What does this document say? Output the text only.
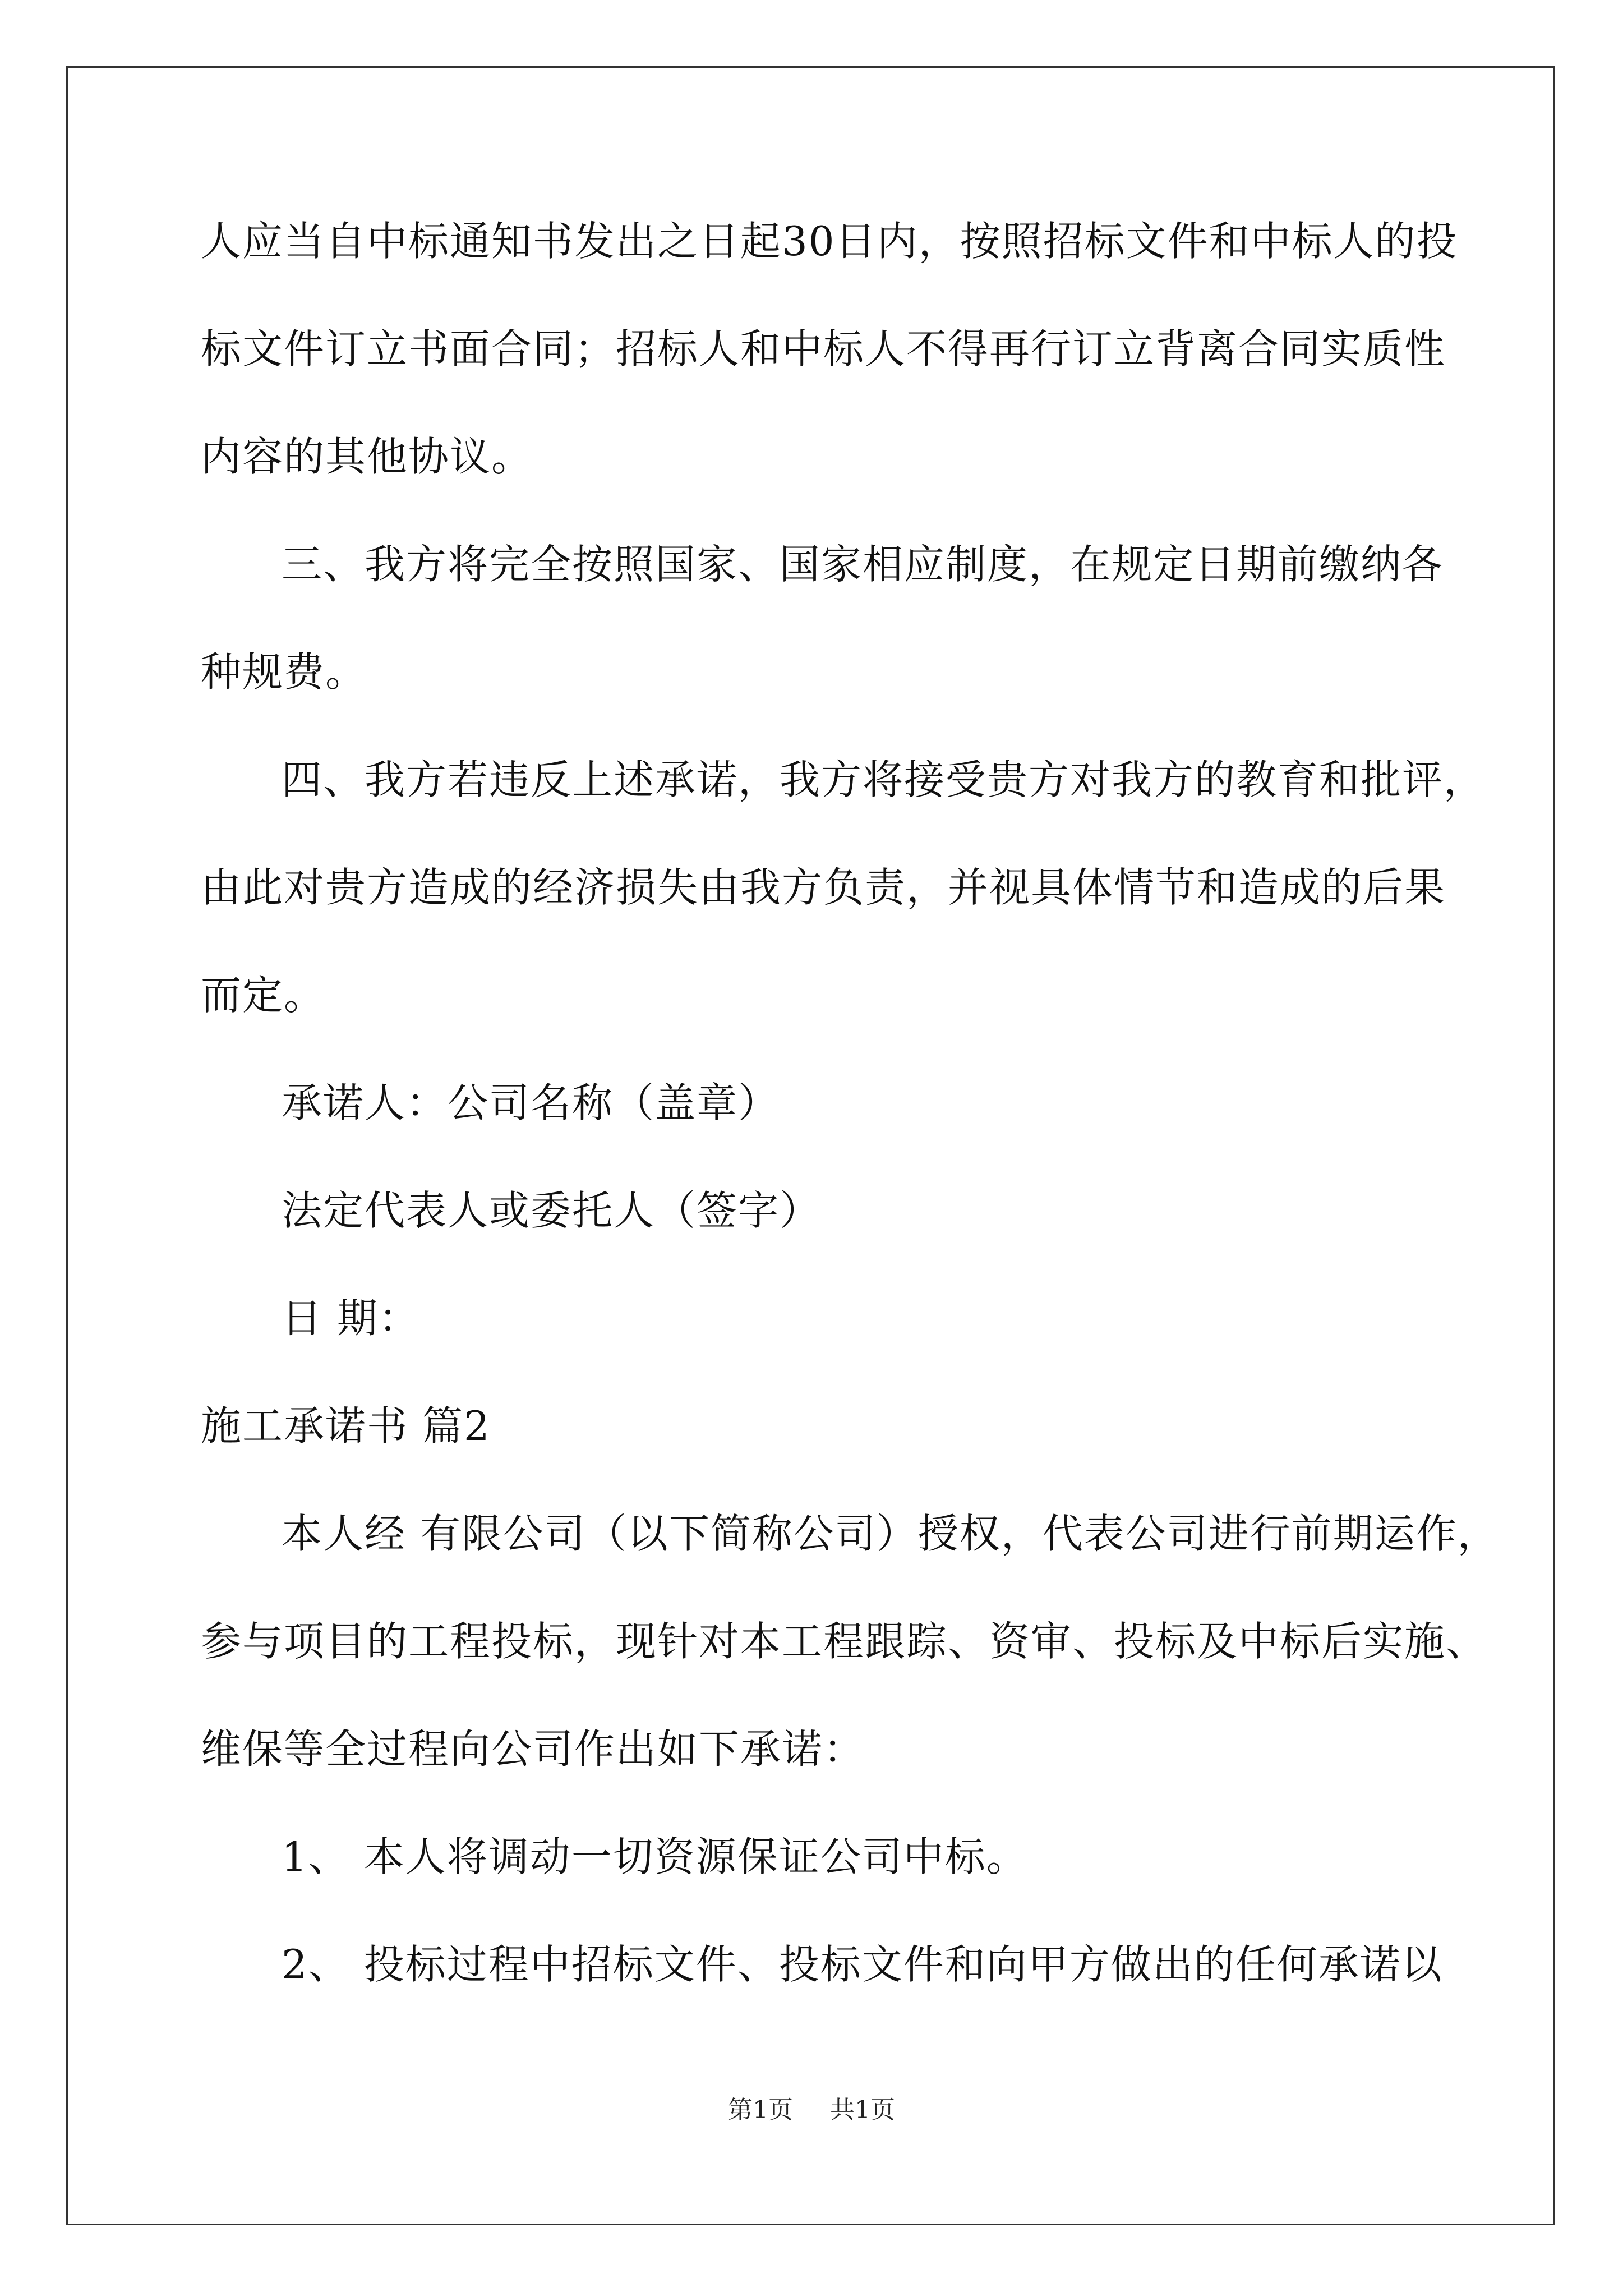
人应当自中标通知书发出之日起30日内，按照招标文件和中标人的投
标文件订立书面合同；招标人和中标人不得再行订立背离合同实质性
内容的其他协议。
三、我方将完全按照国家、国家相应制度，在规定日期前缴纳各
种规费。
四、我方若违反上述承诺，我方将接受贵方对我方的教育和批评，
由此对贵方造成的经济损失由我方负责，并视具体情节和造成的后果
而定。
承诺人：公司名称（盖章）
法定代表人或委托人（签字）
日 期：
施工承诺书 篇2
本人经 有限公司（以下简称公司）授权，代表公司进行前期运作，
参与项目的工程投标，现针对本工程跟踪、资审、投标及中标后实施、
维保等全过程向公司作出如下承诺：
1、 本人将调动一切资源保证公司中标。
2、 投标过程中招标文件、投标文件和向甲方做出的任何承诺以
第1页 共1页
